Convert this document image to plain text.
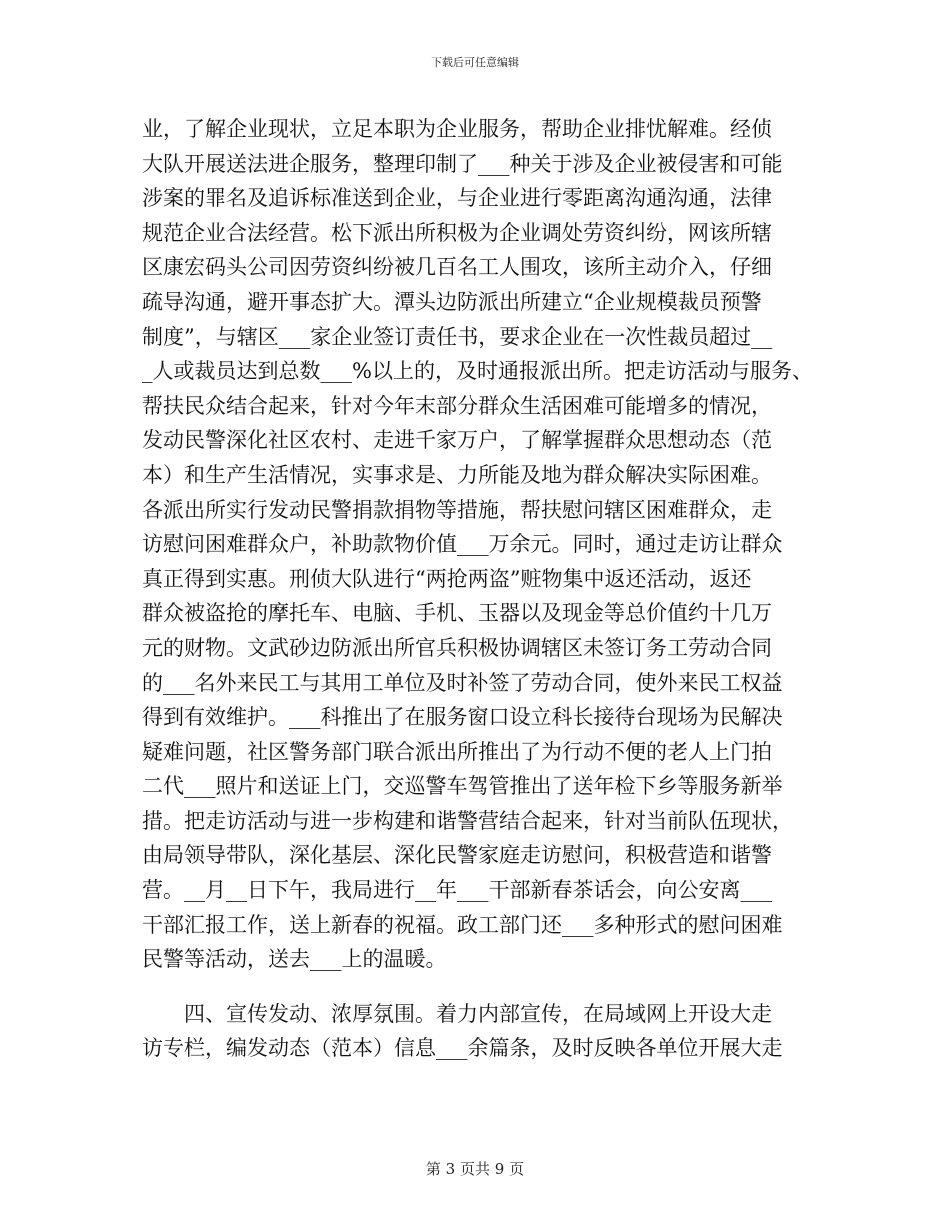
下载后可任意编辑
业，了解企业现状，立足本职为企业服务，帮助企业排忧解难。经侦
大队开展送法进企服务，整理印制了___种关于涉及企业被侵害和可能
涉案的罪名及追诉标准送到企业，与企业进行零距离沟通沟通，法律
规范企业合法经营。松下派出所积极为企业调处劳资纠纷，网该所辖
区康宏码头公司因劳资纠纷被几百名工人围攻，该所主动介入，仔细
疏导沟通，避开事态扩大。潭头边防派出所建立“企业规模裁员预警
制度”，与辖区___家企业签订责任书，要求企业在一次性裁员超过__
_人或裁员达到总数___%以上的，及时通报派出所。把走访活动与服务、
帮扶民众结合起来，针对今年末部分群众生活困难可能增多的情况，
发动民警深化社区农村、走进千家万户，了解掌握群众思想动态（范
本）和生产生活情况，实事求是、力所能及地为群众解决实际困难。
各派出所实行发动民警捐款捐物等措施，帮扶慰问辖区困难群众，走
访慰问困难群众户，补助款物价值___万余元。同时，通过走访让群众
真正得到实惠。刑侦大队进行“两抢两盗”赃物集中返还活动，返还
群众被盗抢的摩托车、电脑、手机、玉器以及现金等总价值约十几万
元的财物。文武砂边防派出所官兵积极协调辖区未签订务工劳动合同
的___名外来民工与其用工单位及时补签了劳动合同，使外来民工权益
得到有效维护。___科推出了在服务窗口设立科长接待台现场为民解决
疑难问题，社区警务部门联合派出所推出了为行动不便的老人上门拍
二代___照片和送证上门，交巡警车驾管推出了送年检下乡等服务新举
措。把走访活动与进一步构建和谐警营结合起来，针对当前队伍现状，
由局领导带队，深化基层、深化民警家庭走访慰问，积极营造和谐警
营。__月__日下午，我局进行__年___干部新春茶话会，向公安离___
干部汇报工作，送上新春的祝福。政工部门还___多种形式的慰问困难
民警等活动，送去___上的温暖。
　　四、宣传发动、浓厚氛围。着力内部宣传，在局域网上开设大走
访专栏，编发动态（范本）信息___余篇条，及时反映各单位开展大走
第 3 页共 9 页
